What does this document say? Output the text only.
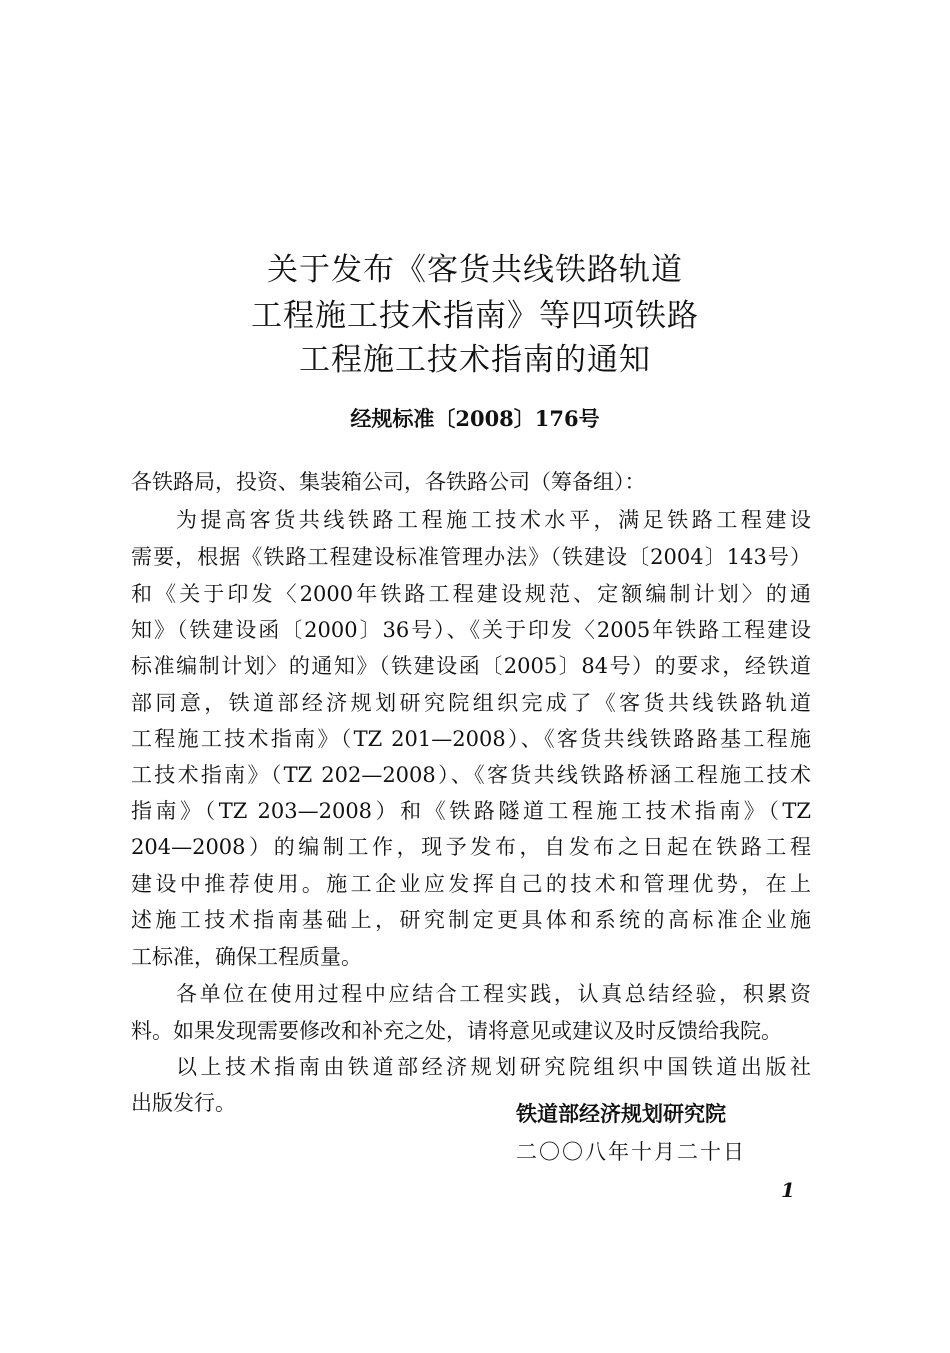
关于发布《客货共线铁路轨道
工程施工技术指南》等四项铁路
工程施工技术指南的通知
经规标准〔2008〕176号
各铁路局，投资、集装箱公司，各铁路公司（筹备组）：
为提高客货共线铁路工程施工技术水平，满足铁路工程建设
需要，根据《铁路工程建设标准管理办法》（铁建设〔2004〕143号）
和《关于印发〈2000年铁路工程建设规范、定额编制计划〉的通
知》（铁建设函〔2000〕36号）、《关于印发〈2005年铁路工程建设
标准编制计划〉的通知》（铁建设函〔2005〕84号）的要求，经铁道
部同意，铁道部经济规划研究院组织完成了《客货共线铁路轨道
工程施工技术指南》（TZ 201—2008）、《客货共线铁路路基工程施
工技术指南》（TZ 202—2008）、《客货共线铁路桥涵工程施工技术
指南》（TZ 203—2008）和《铁路隧道工程施工技术指南》（TZ
204—2008）的编制工作，现予发布，自发布之日起在铁路工程
建设中推荐使用。施工企业应发挥自己的技术和管理优势，在上
述施工技术指南基础上，研究制定更具体和系统的高标准企业施
工标准，确保工程质量。
各单位在使用过程中应结合工程实践，认真总结经验，积累资
料。如果发现需要修改和补充之处，请将意见或建议及时反馈给我院。
以上技术指南由铁道部经济规划研究院组织中国铁道出版社
出版发行。	铁道部经济规划研究院
二〇〇八年十月二十日
1
